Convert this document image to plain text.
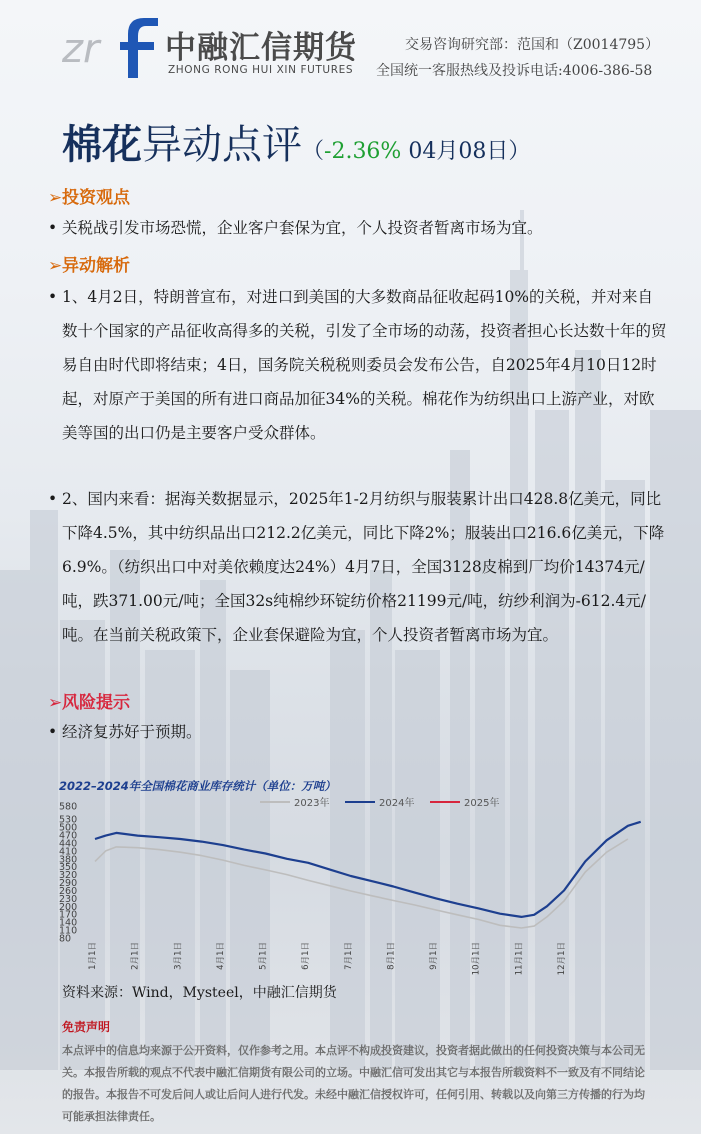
zr 中融汇信期货
ZHONG RONG HUI XIN FUTURES
交易咨询研究部：范国和（Z0014795）
全国统一客服热线及投诉电话:4006-386-58
棉花异动点评（-2.36% 04月08日）
➢投资观点
• 关税战引发市场恐慌，企业客户套保为宜，个人投资者暂离市场为宜。
➢异动解析
• 1、4月2日，特朗普宣布，对进口到美国的大多数商品征收起码10%的关税，并对来自数十个国家的产品征收高得多的关税，引发了全市场的动荡，投资者担心长达数十年的贸易自由时代即将结束；4日，国务院关税税则委员会发布公告，自2025年4月10日12时起，对原产于美国的所有进口商品加征34%的关税。棉花作为纺织出口上游产业，对欧美等国的出口仍是主要客户受众群体。
• 2、国内来看：据海关数据显示，2025年1-2月纺织与服装累计出口428.8亿美元，同比下降4.5%，其中纺织品出口212.2亿美元，同比下降2%；服装出口216.6亿美元，下降6.9%。（纺织出口中对美依赖度达24%）4月7日，全国3128皮棉到厂均价14374元/吨，跌371.00元/吨；全国32s纯棉纱环锭纺价格21199元/吨，纺纱利润为-612.4元/吨。在当前关税政策下，企业套保避险为宜，个人投资者暂离市场为宜。
➢风险提示
• 经济复苏好于预期。
2022–2024年全国棉花商业库存统计（单位：万吨）
2023年	2024年	2025年
80
110
140
170
200
230
260
290
320
350
380
410
440
470
500
530
580
1月1日	2月1日	3月1日	4月1日	5月1日	6月1日	7月1日	8月1日	9月1日	10月1日	11月1日	12月1日
资料来源：Wind，Mysteel，中融汇信期货
免责声明
本点评中的信息均来源于公开资料，仅作参考之用。本点评不构成投资建议，投资者据此做出的任何投资决策与本公司无关。本报告所载的观点不代表中融汇信期货有限公司的立场。中融汇信可发出其它与本报告所载资料不一致及有不同结论的报告。本报告不可发后问人或让后问人进行代发。未经中融汇信授权许可，任何引用、转载以及向第三方传播的行为均可能承担法律责任。
